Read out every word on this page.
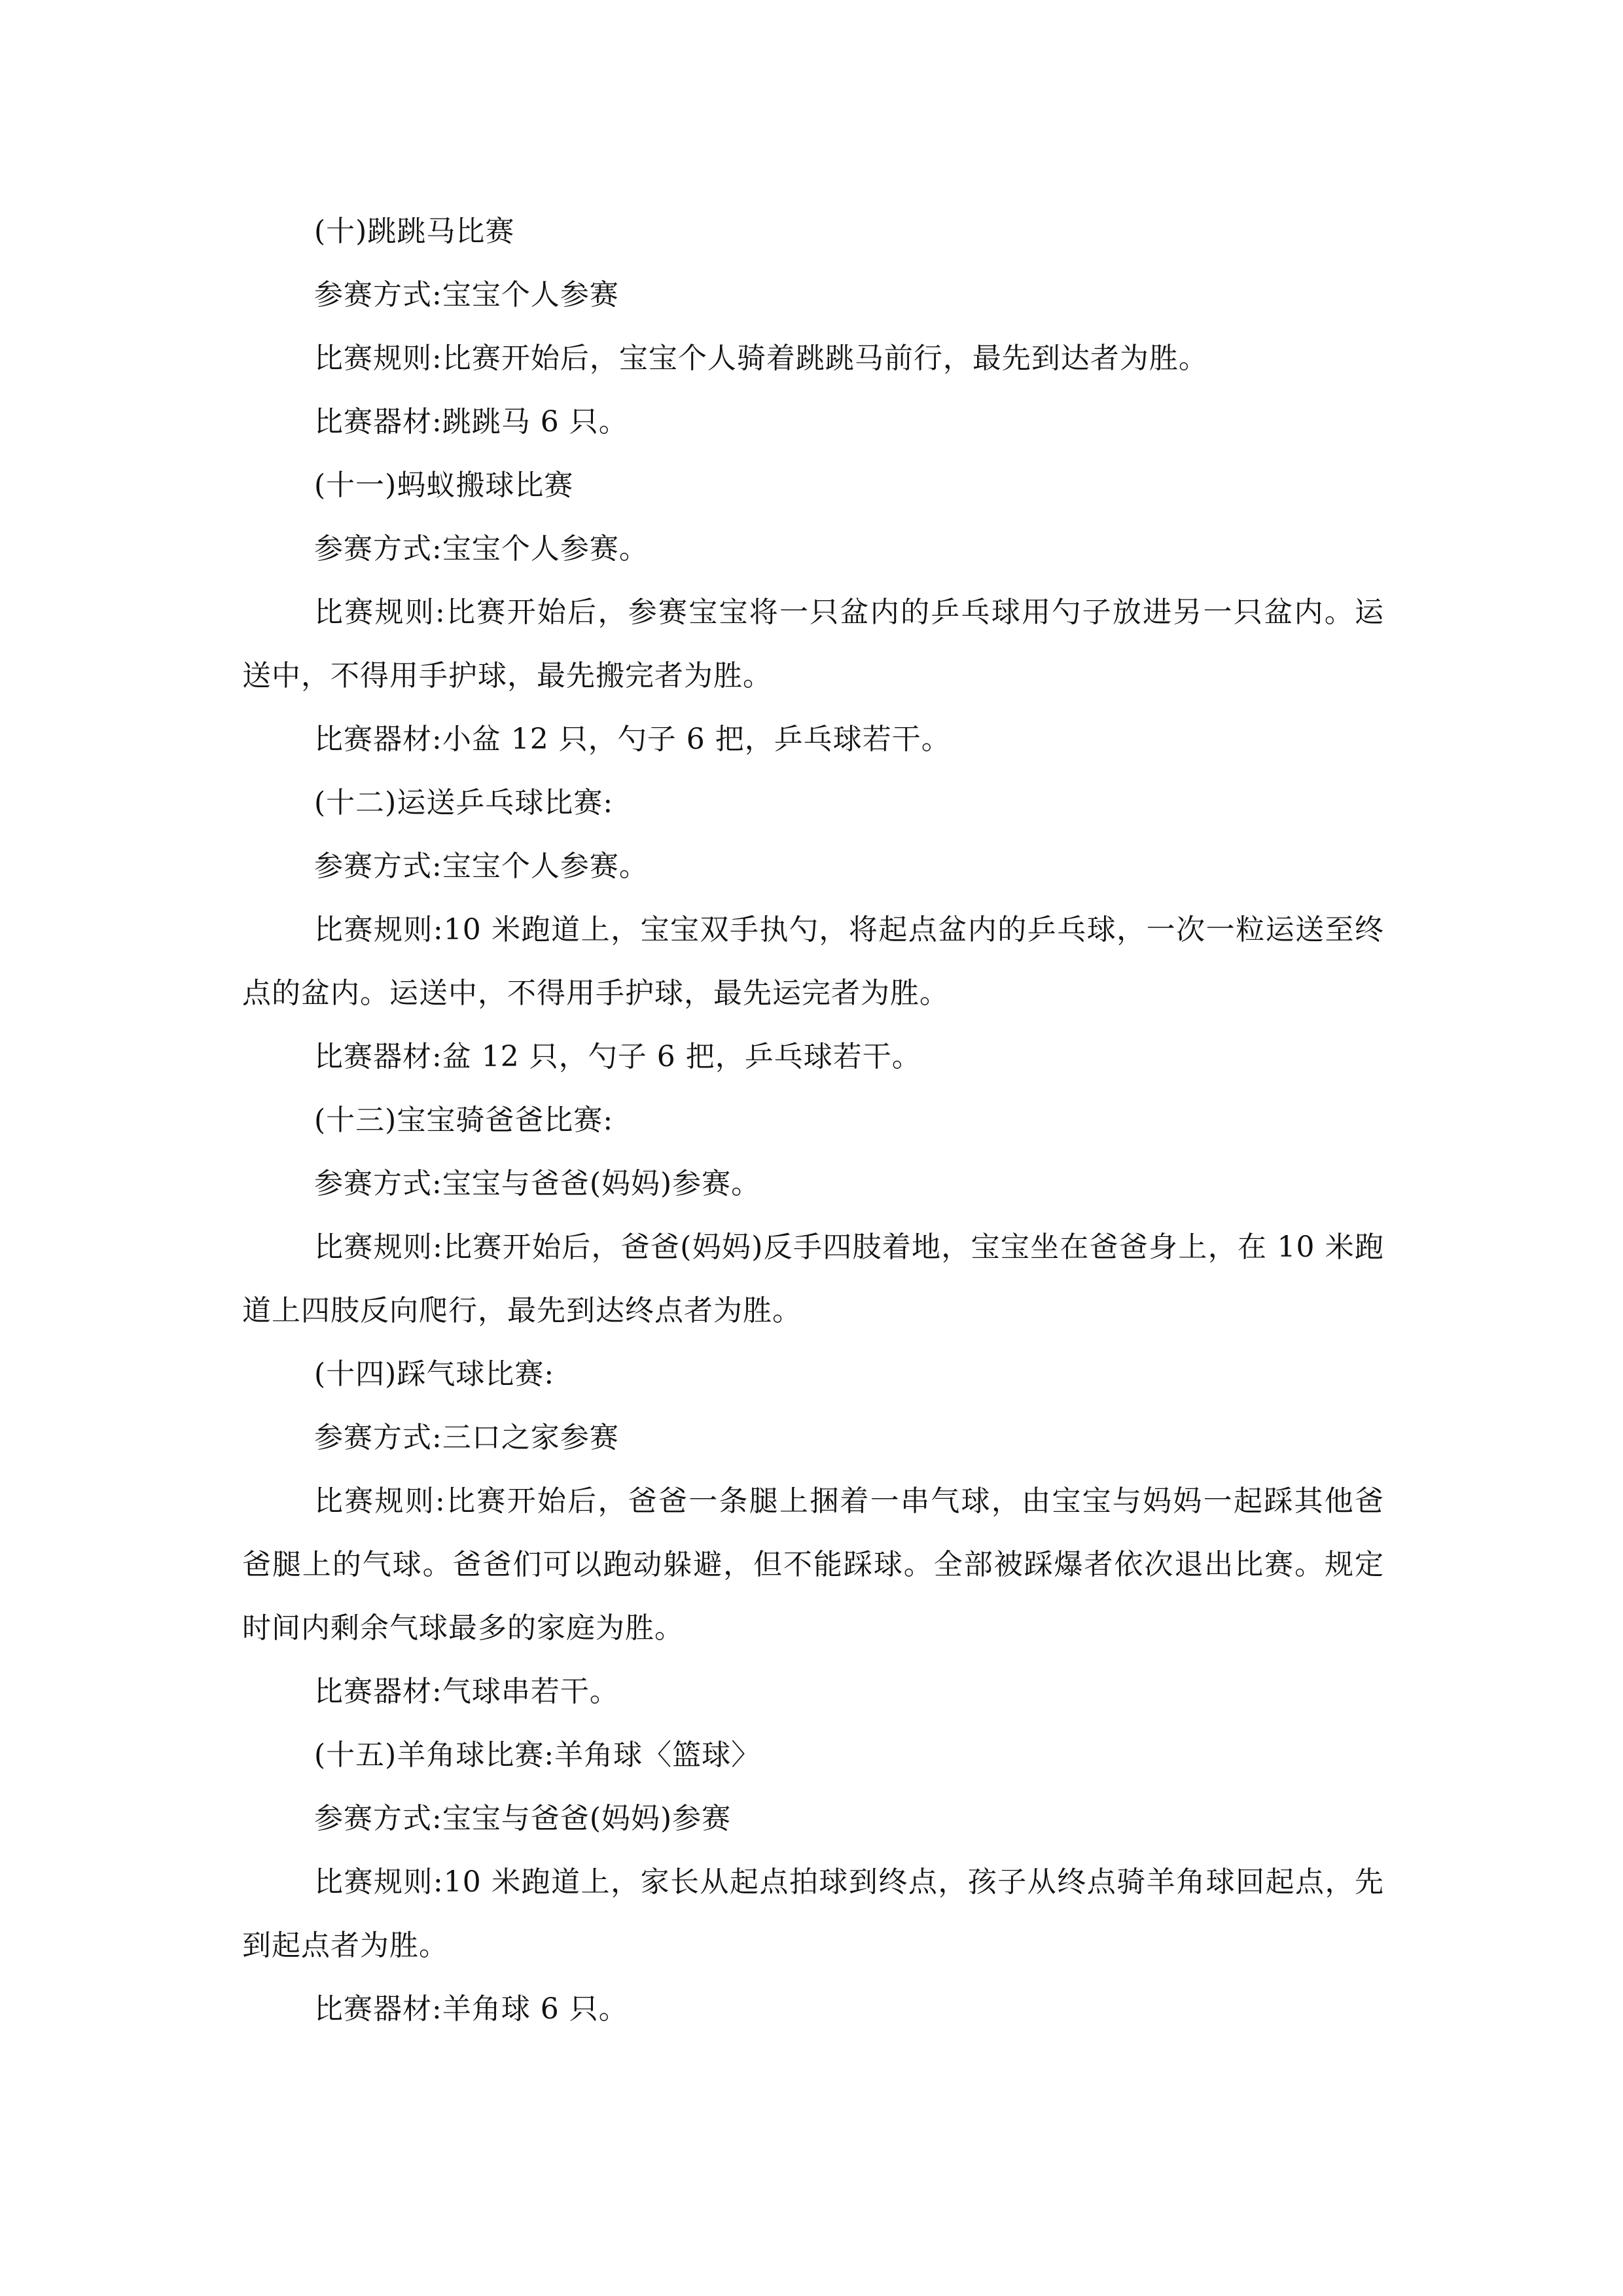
(十)跳跳马比赛

参赛方式:宝宝个人参赛

比赛规则:比赛开始后，宝宝个人骑着跳跳马前行，最先到达者为胜。

比赛器材:跳跳马 6 只。

(十一)蚂蚁搬球比赛

参赛方式:宝宝个人参赛。

比赛规则:比赛开始后，参赛宝宝将一只盆内的乒乓球用勺子放进另一只盆内。运送中，不得用手护球，最先搬完者为胜。

比赛器材:小盆 12 只，勺子 6 把，乒乓球若干。

(十二)运送乒乓球比赛:

参赛方式:宝宝个人参赛。

比赛规则:10 米跑道上，宝宝双手执勺，将起点盆内的乒乓球，一次一粒运送至终点的盆内。运送中，不得用手护球，最先运完者为胜。

比赛器材:盆 12 只，勺子 6 把，乒乓球若干。

(十三)宝宝骑爸爸比赛:

参赛方式:宝宝与爸爸(妈妈)参赛。

比赛规则:比赛开始后，爸爸(妈妈)反手四肢着地，宝宝坐在爸爸身上，在 10 米跑道上四肢反向爬行，最先到达终点者为胜。

(十四)踩气球比赛:

参赛方式:三口之家参赛

比赛规则:比赛开始后，爸爸一条腿上捆着一串气球，由宝宝与妈妈一起踩其他爸爸腿上的气球。爸爸们可以跑动躲避，但不能踩球。全部被踩爆者依次退出比赛。规定时间内剩余气球最多的家庭为胜。

比赛器材:气球串若干。

(十五)羊角球比赛:羊角球〈篮球〉

参赛方式:宝宝与爸爸(妈妈)参赛

比赛规则:10 米跑道上，家长从起点拍球到终点，孩子从终点骑羊角球回起点，先到起点者为胜。

比赛器材:羊角球 6 只。
